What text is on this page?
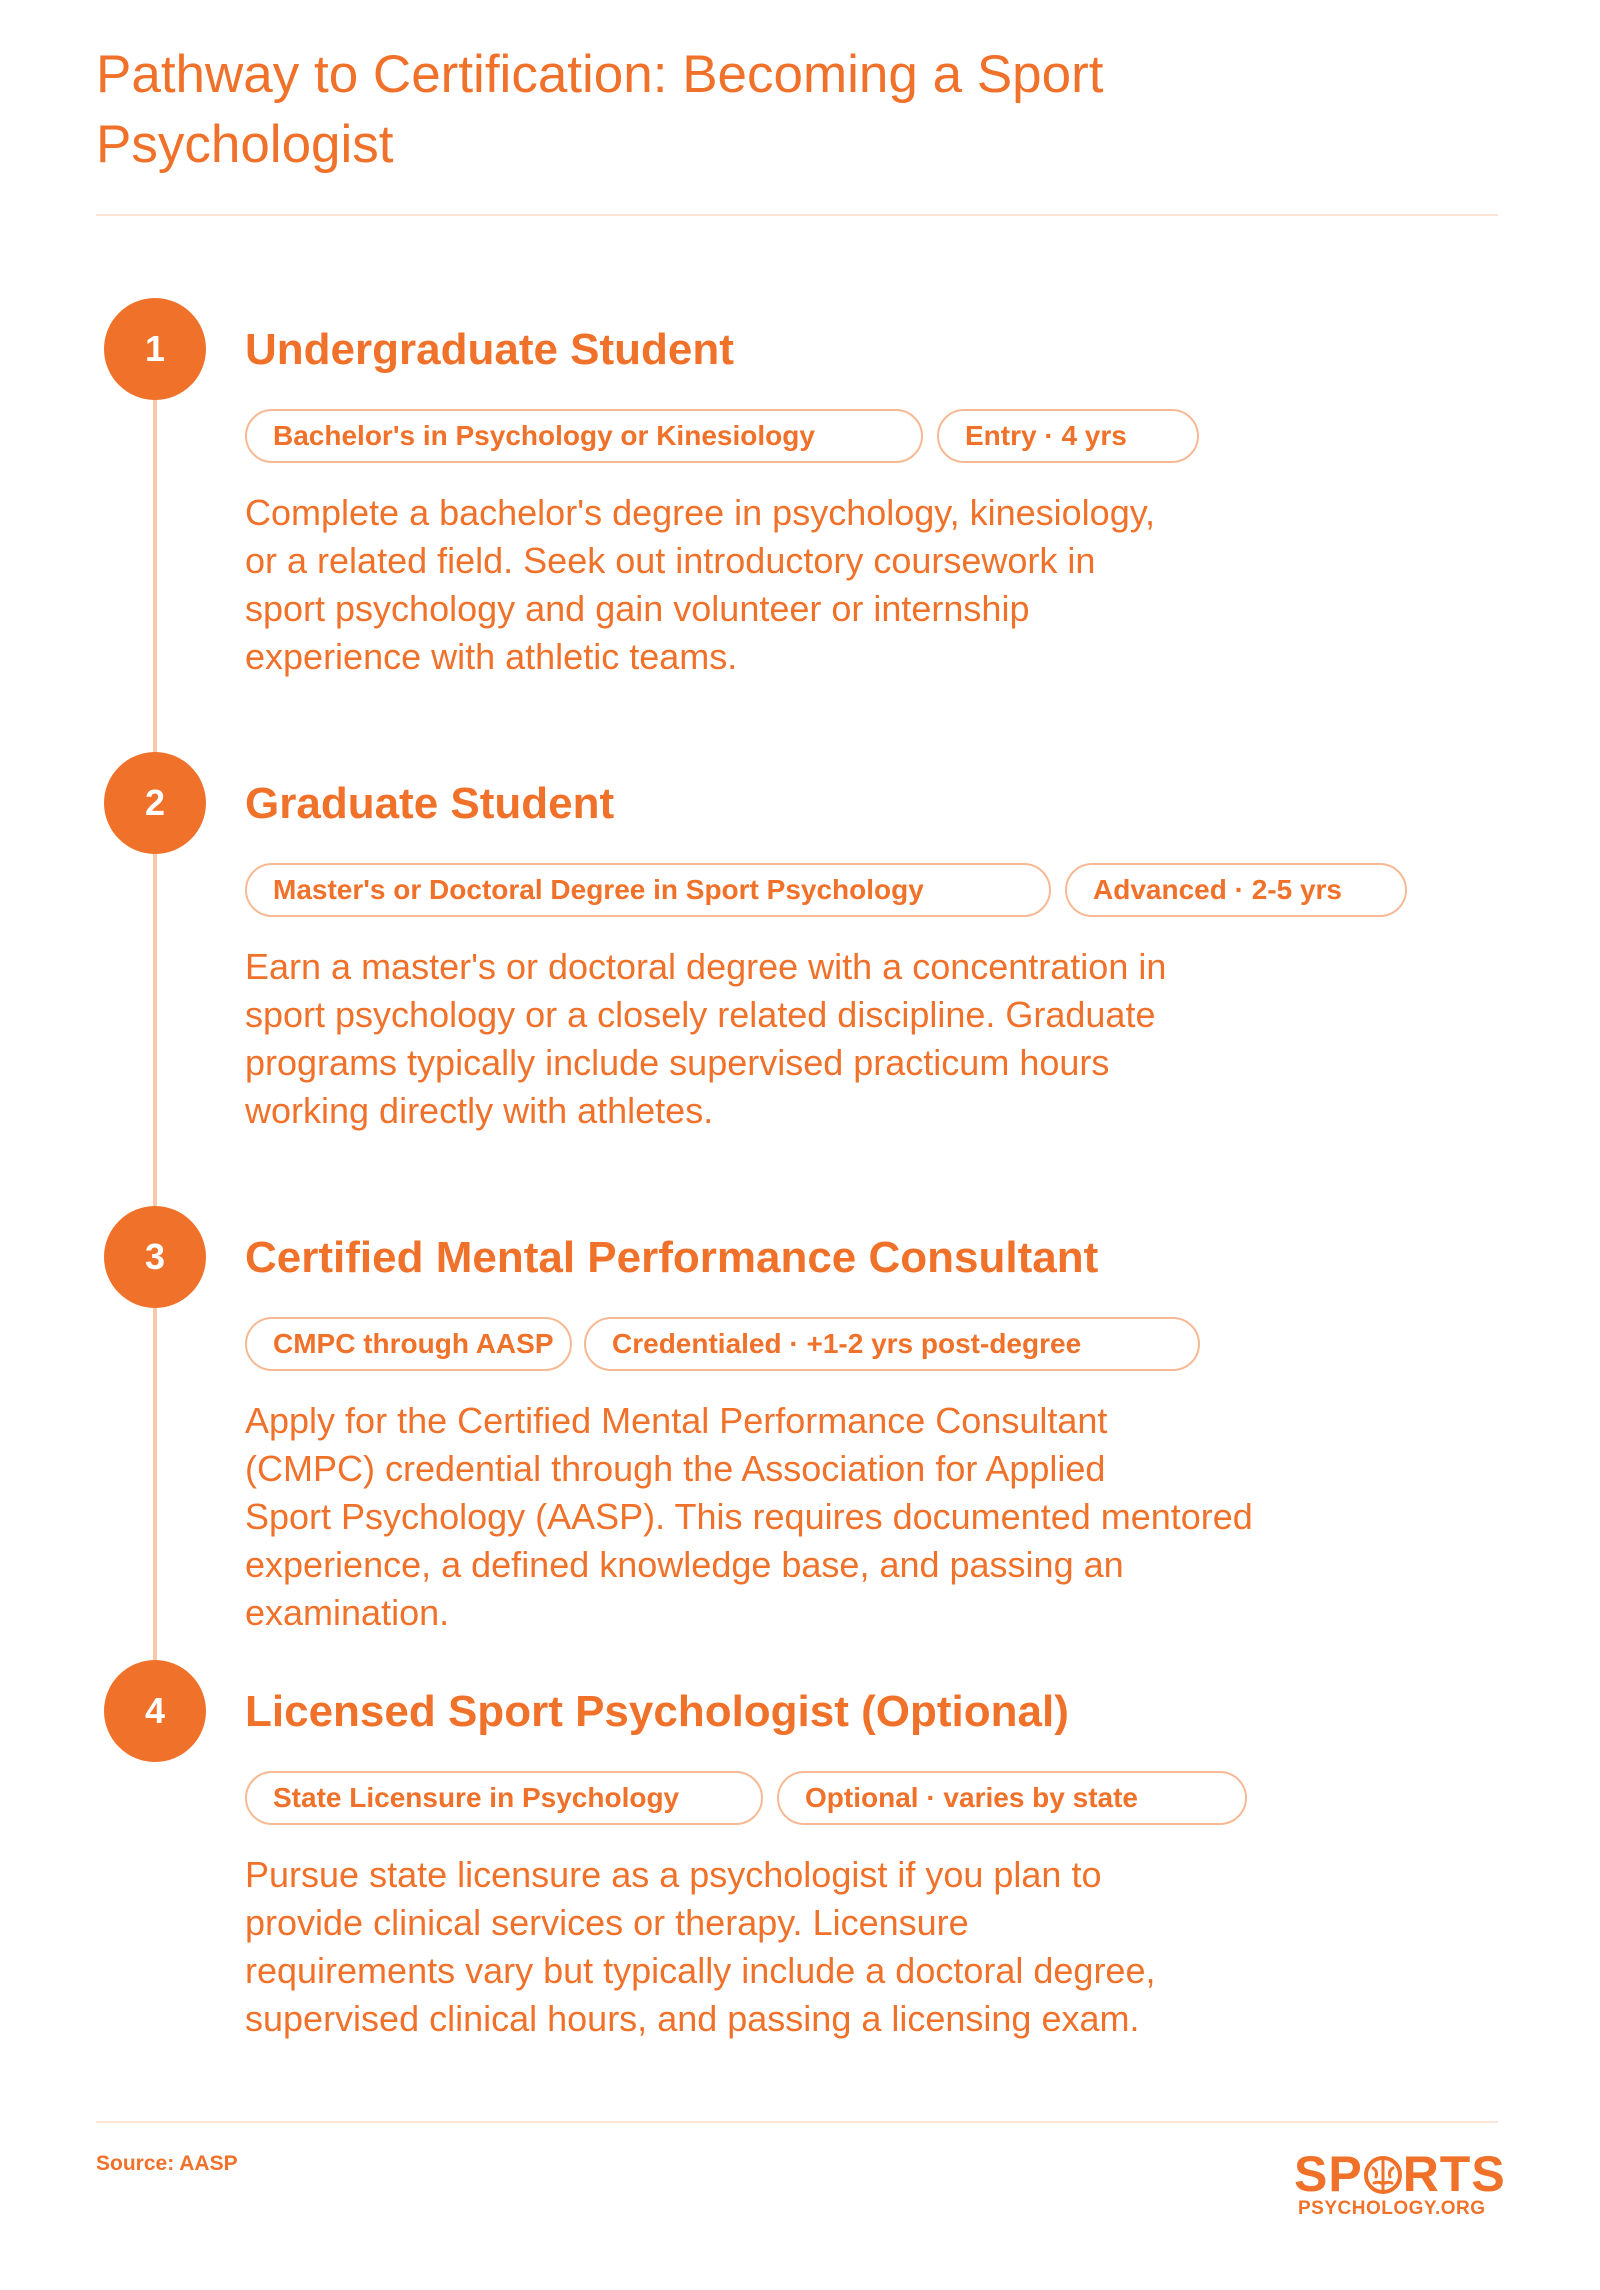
Pathway to Certification: Becoming a Sport Psychologist
1	Undergraduate Student
Bachelor's in Psychology or Kinesiology	Entry · 4 yrs

Complete a bachelor's degree in psychology, kinesiology,
or a related field. Seek out introductory coursework in
sport psychology and gain volunteer or internship
experience with athletic teams.

2	Graduate Student
Master's or Doctoral Degree in Sport Psychology	Advanced · 2-5 yrs

Earn a master's or doctoral degree with a concentration in
sport psychology or a closely related discipline. Graduate
programs typically include supervised practicum hours
working directly with athletes.

3	Certified Mental Performance Consultant
CMPC through AASP	Credentialed · +1-2 yrs post-degree

Apply for the Certified Mental Performance Consultant
(CMPC) credential through the Association for Applied
Sport Psychology (AASP). This requires documented mentored
experience, a defined knowledge base, and passing an
examination.

4	Licensed Sport Psychologist (Optional)
State Licensure in Psychology	Optional · varies by state

Pursue state licensure as a psychologist if you plan to
provide clinical services or therapy. Licensure
requirements vary but typically include a doctoral degree,
supervised clinical hours, and passing a licensing exam.

Source: AASP	SP RTS
PSYCHOLOGY.ORG
